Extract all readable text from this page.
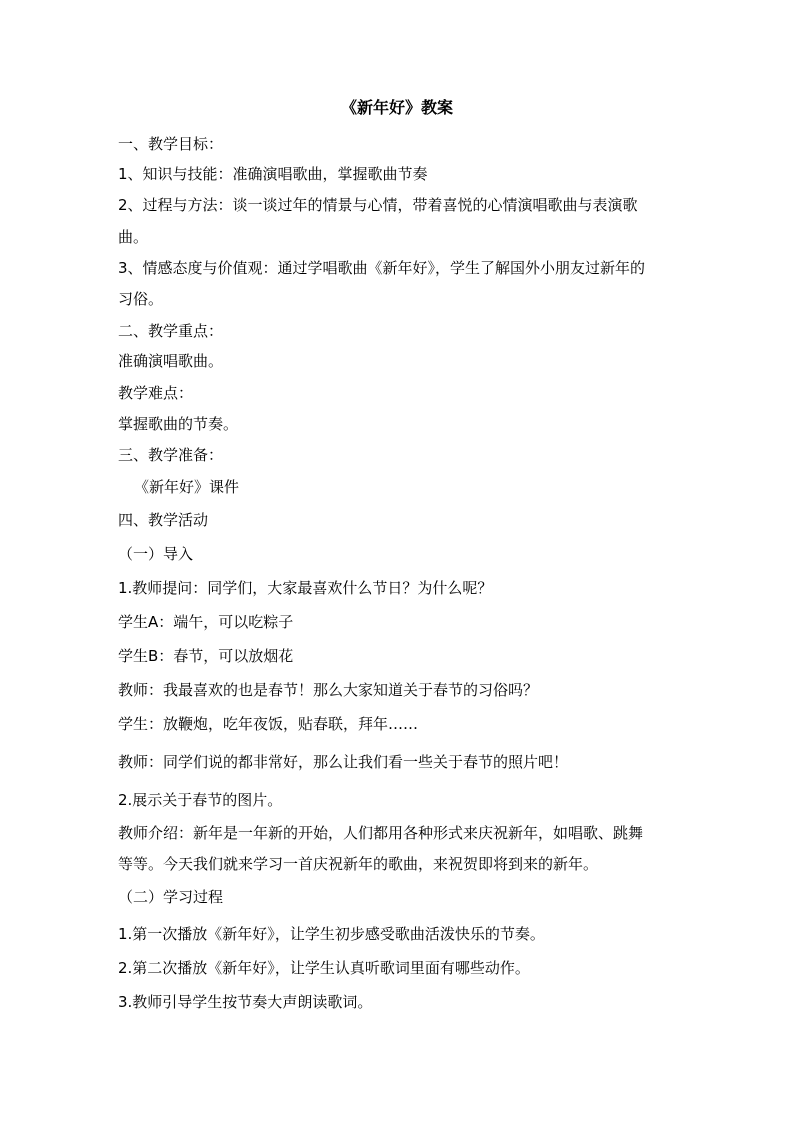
《新年好》教案
一、教学目标：
1、知识与技能：准确演唱歌曲，掌握歌曲节奏
2、过程与方法：谈一谈过年的情景与心情，带着喜悦的心情演唱歌曲与表演歌
曲。
3、情感态度与价值观：通过学唱歌曲《新年好》，学生了解国外小朋友过新年的
习俗。
二、教学重点：
准确演唱歌曲。
教学难点：
掌握歌曲的节奏。
三、教学准备：
《新年好》课件
四、教学活动
（一）导入
1.教师提问：同学们，大家最喜欢什么节日？为什么呢？
学生A：端午，可以吃粽子
学生B：春节，可以放烟花
教师：我最喜欢的也是春节！那么大家知道关于春节的习俗吗？
学生：放鞭炮，吃年夜饭，贴春联，拜年……
教师：同学们说的都非常好，那么让我们看一些关于春节的照片吧！
2.展示关于春节的图片。
教师介绍：新年是一年新的开始，人们都用各种形式来庆祝新年，如唱歌、跳舞
等等。今天我们就来学习一首庆祝新年的歌曲，来祝贺即将到来的新年。
（二）学习过程
1.第一次播放《新年好》，让学生初步感受歌曲活泼快乐的节奏。
2.第二次播放《新年好》，让学生认真听歌词里面有哪些动作。
3.教师引导学生按节奏大声朗读歌词。
